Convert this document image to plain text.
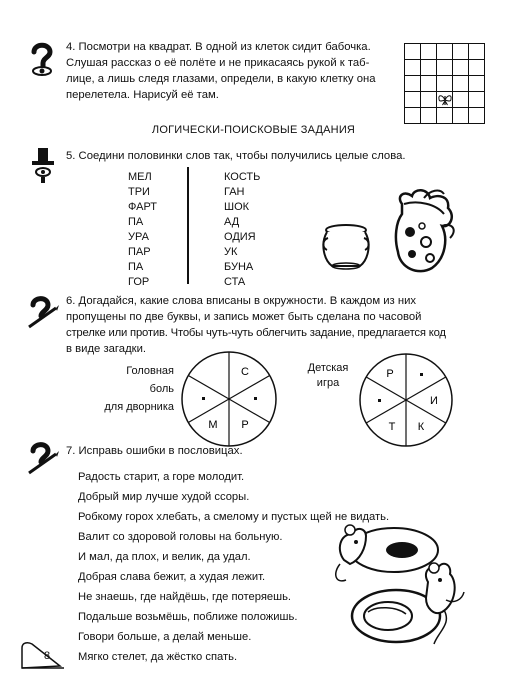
4. Посмотри на квадрат. В одной из клеток сидит бабочка.
Слушая рассказ о её полёте и не прикасаясь рукой к таб-
лице, а лишь следя глазами, определи, в какую клетку она
перелетела. Нарисуй её там.
ЛОГИЧЕСКИ-ПОИСКОВЫЕ ЗАДАНИЯ
5. Соедини половинки слов так, чтобы получились целые слова.
МЕЛ
ТРИ
ФАРТ
ПА
УРА
ПАР
ПА
ГОР
КОСТЬ
ГАН
ШОК
АД
ОДИЯ
УК
БУНА
СТА
6. Догадайся, какие слова вписаны в окружности. В каждом из них
пропущены по две буквы, и запись может быть сделана по часовой
стрелке или против. Чтобы чуть-чуть облегчить задание, предлагается код
в виде загадки.
Головная боль
для дворника
С
Р
М
Детская
игра
Р
И
К
Т
7. Исправь ошибки в пословицах.
Радость старит, а горе молодит.
Добрый мир лучше худой ссоры.
Робкому горох хлебать, а смелому и пустых щей не видать.
Валит со здоровой головы на больную.
И мал, да плох, и велик, да удал.
Добрая слава бежит, а худая лежит.
Не знаешь, где найдёшь, где потеряешь.
Подальше возьмёшь, поближе положишь.
Говори больше, а делай меньше.
Мягко стелет, да жёстко спать.
8
